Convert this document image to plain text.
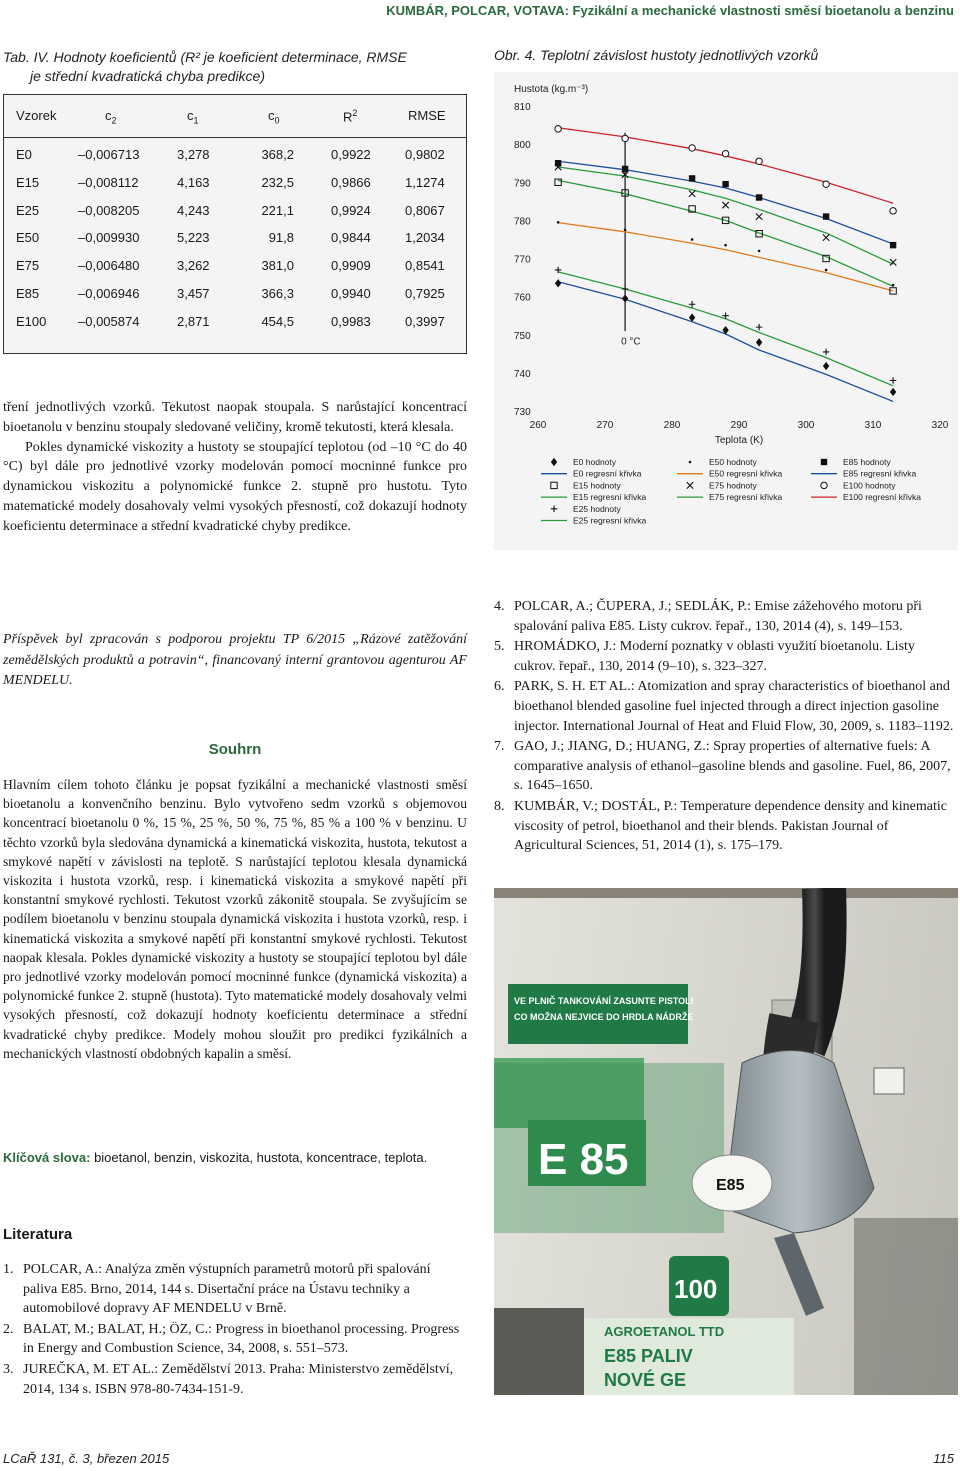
KUMBÁR, POLCAR, VOTAVA: Fyzikální a mechanické vlastnosti směsí bioetanolu a benzinu
Tab. IV. Hodnoty koeficientů (R² je koeficient determinace, RMSE
je střední kvadratická chyba predikce)
Vzorek	$c_2$	$c_1$	$c_0$	$R^2$	RMSE
E0	–0,006713	3,278	368,2	0,9922	0,9802
E15	–0,008112	4,163	232,5	0,9866	1,1274
E25	–0,008205	4,243	221,1	0,9924	0,8067
E50	–0,009930	5,223	91,8	0,9844	1,2034
E75	–0,006480	3,262	381,0	0,9909	0,8541
E85	–0,006946	3,457	366,3	0,9940	0,7925
E100 –0,005874	2,871	454,5	0,9983	0,3997
Obr. 4. Teplotní závislost hustoty jednotlivých vzorků
Hustota (kg.m⁻³)
730
740
750
760
770
780
790
800
810
260	270	280	290	300	310	320
Teplota (K)
0 °C
E0 hodnoty	E50 hodnoty	E85 hodnoty
E0 regresní křivka	E50 regresní křivka	E85 regresní křivka
E15 hodnoty	E75 hodnoty	E100 hodnoty
E15 regresní křivka	E75 regresní křivka	E100 regresní křivka
E25 hodnoty
E25 regresní křivka

tření jednotlivých vzorků. Tekutost naopak stoupala. S narůstající koncentrací bioetanolu v benzinu stoupaly sledované veličiny, kromě tekutosti, která klesala.

Pokles dynamické viskozity a hustoty se stoupající teplotou (od –10 °C do 40 °C) byl dále pro jednotlivé vzorky modelován pomocí mocninné funkce pro dynamickou viskozitu a polynomické funkce 2. stupně pro hustotu. Tyto matematické modely dosahovaly velmi vysokých přesností, což dokazují hodnoty koeficientu determinace a střední kvadratické chyby predikce.

Příspěvek byl zpracován s podporou projektu TP 6/2015 „Rázové zatěžování zemědělských produktů a potravin“, financovaný interní grantovou agenturou AF MENDELU.
Souhrn
Hlavním cílem tohoto článku je popsat fyzikální a mechanické vlastnosti směsí bioetanolu a konvenčního benzinu. Bylo vytvořeno sedm vzorků s objemovou koncentrací bioetanolu 0 %, 15 %, 25 %, 50 %, 75 %, 85 % a 100 % v benzinu. U těchto vzorků byla sledována dynamická a kinematická viskozita, hustota, tekutost a smykové napětí v závislosti na teplotě. S narůstající teplotou klesala dynamická viskozita i hustota vzorků, resp. i kinematická viskozita a smykové napětí při konstantní smykové rychlosti. Tekutost vzorků zákonitě stoupala. Se zvyšujícím se podílem bioetanolu v benzinu stoupala dynamická viskozita i hustota vzorků, resp. i kinematická viskozita a smykové napětí při konstantní smykové rychlosti. Tekutost naopak klesala. Pokles dynamické viskozity a hustoty se stoupající teplotou byl dále pro jednotlivé vzorky modelován pomocí mocninné funkce (dynamická viskozita) a polynomické funkce 2. stupně (hustota). Tyto matematické modely dosahovaly velmi vysokých přesností, což dokazují hodnoty koeficientu determinace a střední kvadratické chyby predikce. Modely mohou sloužit pro predikci fyzikálních a mechanických vlastností obdobných kapalin a směsí.
Klíčová slova: bioetanol, benzin, viskozita, hustota, koncentrace, teplota.
Literatura
1. POLCAR, A.: Analýza změn výstupních parametrů motorů při spalování paliva E85. Brno, 2014, 144 s. Disertační práce na Ústavu techniky a automobilové dopravy AF MENDELU v Brně.
2. BALAT, M.; BALAT, H.; ÖZ, C.: Progress in bioethanol processing. Progress in Energy and Combustion Science, 34, 2008, s. 551–573.
3. JUREČKA, M. ET AL.: Zemědělství 2013. Praha: Ministerstvo zemědělství, 2014, 134 s. ISBN 978-80-7434-151-9.
4. POLCAR, A.; ČUPERA, J.; SEDLÁK, P.: Emise zážehového motoru při spalování paliva E85. Listy cukrov. řepař., 130, 2014 (4), s. 149–153.
5. HROMÁDKO, J.: Moderní poznatky v oblasti využití bioetanolu. Listy cukrov. řepař., 130, 2014 (9–10), s. 323–327.
6. PARK, S. H. ET AL.: Atomization and spray characteristics of bioethanol and bioethanol blended gasoline fuel injected through a direct injection gasoline injector. International Journal of Heat and Fluid Flow, 30, 2009, s. 1183–1192.
7. GAO, J.; JIANG, D.; HUANG, Z.: Spray properties of alternative fuels: A comparative analysis of ethanol–gasoline blends and gasoline. Fuel, 86, 2007, s. 1645–1650.
8. KUMBÁR, V.; DOSTÁL, P.: Temperature dependence density and kinematic viscosity of petrol, bioethanol and their blends. Pakistan Journal of Agricultural Sciences, 51, 2014 (1), s. 175–179.
VE PLNIČ TANKOVÁNÍ ZASUNTE PISTOLI
CO MOŽNA NEJVICE DO HRDLA NÁDRŽE
E 85
E85
100
AGROETANOL TTD
E85 PALIV
NOVÉ GE
LCaŘ 131, č. 3, březen 2015	115
